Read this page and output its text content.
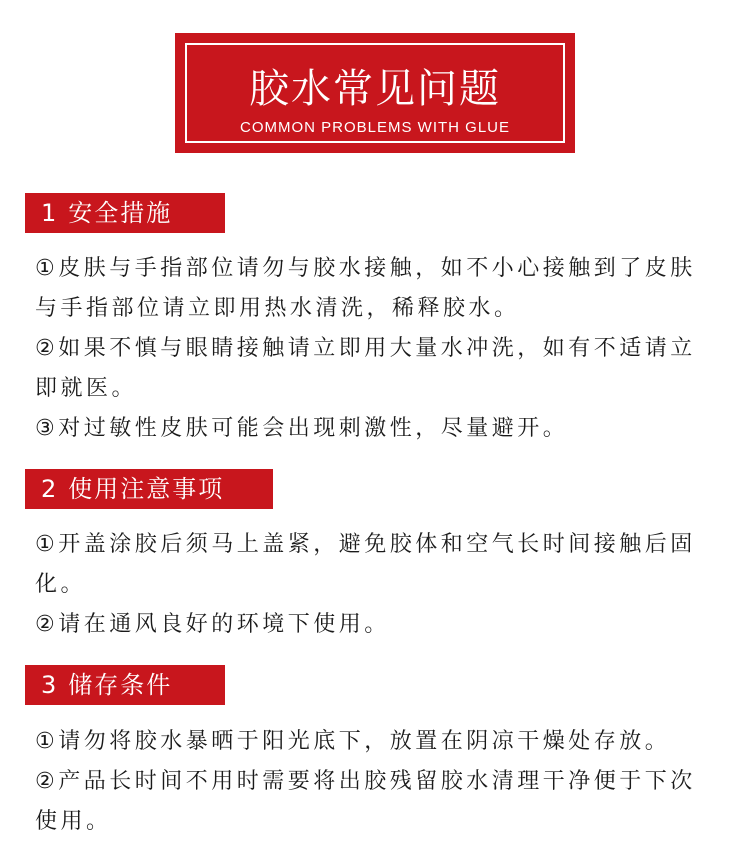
胶水常见问题
COMMON PROBLEMS WITH GLUE
1 安全措施
①皮肤与手指部位请勿与胶水接触，如不小心接触到了皮肤与手指部位请立即用热水清洗，稀释胶水。
②如果不慎与眼睛接触请立即用大量水冲洗，如有不适请立即就医。
③对过敏性皮肤可能会出现刺激性，尽量避开。
2 使用注意事项
①开盖涂胶后须马上盖紧，避免胶体和空气长时间接触后固化。
②请在通风良好的环境下使用。
3 储存条件
①请勿将胶水暴晒于阳光底下，放置在阴凉干燥处存放。
②产品长时间不用时需要将出胶残留胶水清理干净便于下次使用。
